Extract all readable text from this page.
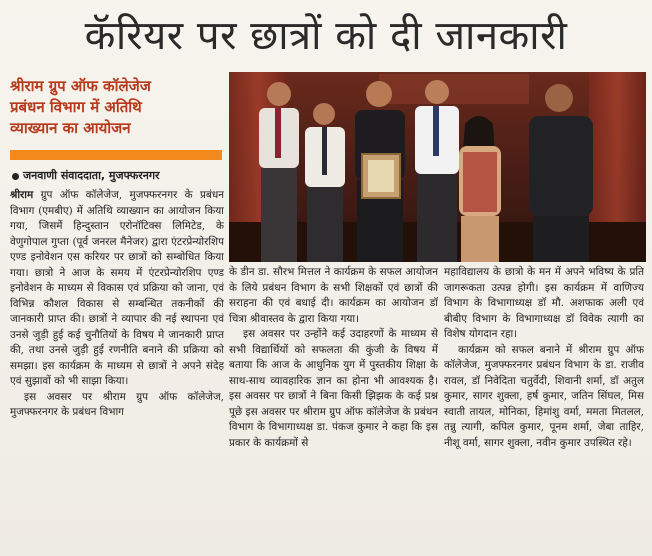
कॅरियर पर छात्रों को दी जानकारी
श्रीराम ग्रुप ऑफ कॉलेजेज
प्रबंधन विभाग में अतिथि
व्याख्यान का आयोजन
जनवाणी संवाददाता, मुजफ्फरनगर

श्रीराम ग्रुप ऑफ कॉलेजेज, मुजफ्फरनगर के प्रबंधन विभाग (एमबीए) में अतिथि व्याख्यान का आयोजन किया गया, जिसमें हिन्दुस्तान एरोनॉटिक्स लिमिटेड, के वेणुगोपाल गुप्ता (पूर्व जनरल मैनेजर) द्वारा एंटरप्रेन्योरशिप एण्ड इनोवेशन एस करियर पर छात्रों को सम्बोधित किया गया। छात्रो ने आज के समय में एंटरप्रेन्योरशिप एण्ड इनोवेशन के माध्यम से विकास एवं प्रक्रिया को जाना, एवं विभिन्न कौशल विकास से सम्बन्धित तकनीकों की जानकारी प्राप्त की। छात्रों ने व्यापार की नई स्थापना एवं उनसे जुड़ी हुई कई चुनौतियों के विषय मे जानकारी प्राप्त की, तथा उनसे जुड़ी हुई रणनीति बनाने की प्रक्रिया को समझा। इस कार्यक्रम के माध्यम से छात्रों ने अपने संदेह एवं सुझावों को भी साझा किया।

इस अवसर पर श्रीराम ग्रुप ऑफ कॉलेजेज, मुजफ्फरनगर के प्रबंधन विभाग

के डीन डा. सौरभ मित्तल ने कार्यक्रम के सफल आयोजन के लिये प्रबंधन विभाग के सभी शिक्षकों एवं छात्रों की सराहना की एवं बधाई दी। कार्यक्रम का आयोजन डॉ चित्रा श्रीवास्तव के द्वारा किया गया।

इस अवसर पर उन्होंने कई उदाहरणों के माध्यम से सभी विद्यार्थियों को सफलता की कुंजी के विषय में बताया कि आज के आधुनिक युग में पुस्तकीय शिक्षा के साथ-साथ व्यावहारिक ज्ञान का होना भी आवश्यक है। इस अवसर पर छात्रों ने बिना किसी झिझक के कई प्रश्न पूछे इस अवसर पर श्रीराम ग्रुप ऑफ कॉलेजेज के प्रबंधन विभाग के विभागाध्यक्ष डा. पंकज कुमार ने कहा कि इस प्रकार के कार्यक्रमों से

महाविद्यालय के छात्रो के मन में अपने भविष्य के प्रति जागरूकता उत्पन्न होगी। इस कार्यक्रम में वाणिज्य विभाग के विभागाध्यक्ष डॉ मौ. अशफाक अली एवं बीबीए विभाग के विभागाध्यक्ष डॉ विवेक त्यागी का विशेष योगदान रहा।

कार्यक्रम को सफल बनाने में श्रीराम ग्रुप ऑफ कॉलेजेज, मुजफ्फरनगर प्रबंधन विभाग के डा. राजीव रावल, डॉ निवेदिता चतुर्वेदी, शिवानी शर्मा, डॉ अतुल कुमार, सागर शुक्ला, हर्ष कुमार, जतिन सिंघल, मिस स्वाती तायल, मोनिका, हिमांशु वर्मा, ममता मितलल, तन्नु त्यागी, कपिल कुमार, पूनम शर्मा, जेबा ताहिर, नीशू वर्मा, सागर शुक्ला, नवीन कुमार उपस्थित रहे।
